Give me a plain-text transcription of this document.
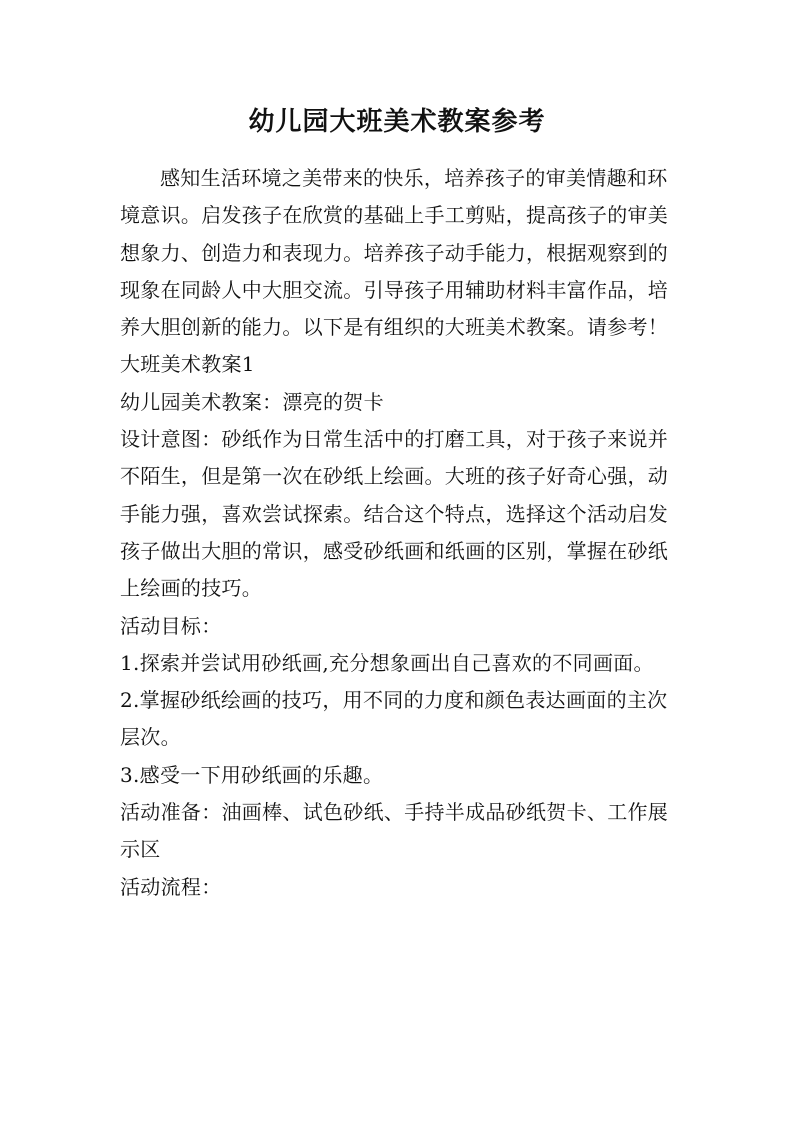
幼儿园大班美术教案参考

感知生活环境之美带来的快乐，培养孩子的审美情趣和环境意识。启发孩子在欣赏的基础上手工剪贴，提高孩子的审美想象力、创造力和表现力。培养孩子动手能力，根据观察到的现象在同龄人中大胆交流。引导孩子用辅助材料丰富作品，培养大胆创新的能力。以下是有组织的大班美术教案。请参考！

大班美术教案1

幼儿园美术教案：漂亮的贺卡

设计意图：砂纸作为日常生活中的打磨工具，对于孩子来说并不陌生，但是第一次在砂纸上绘画。大班的孩子好奇心强，动手能力强，喜欢尝试探索。结合这个特点，选择这个活动启发孩子做出大胆的常识，感受砂纸画和纸画的区别，掌握在砂纸上绘画的技巧。

活动目标：

1.探索并尝试用砂纸画,充分想象画出自己喜欢的不同画面。

2.掌握砂纸绘画的技巧，用不同的力度和颜色表达画面的主次层次。

3.感受一下用砂纸画的乐趣。

活动准备：油画棒、试色砂纸、手持半成品砂纸贺卡、工作展示区

活动流程：
